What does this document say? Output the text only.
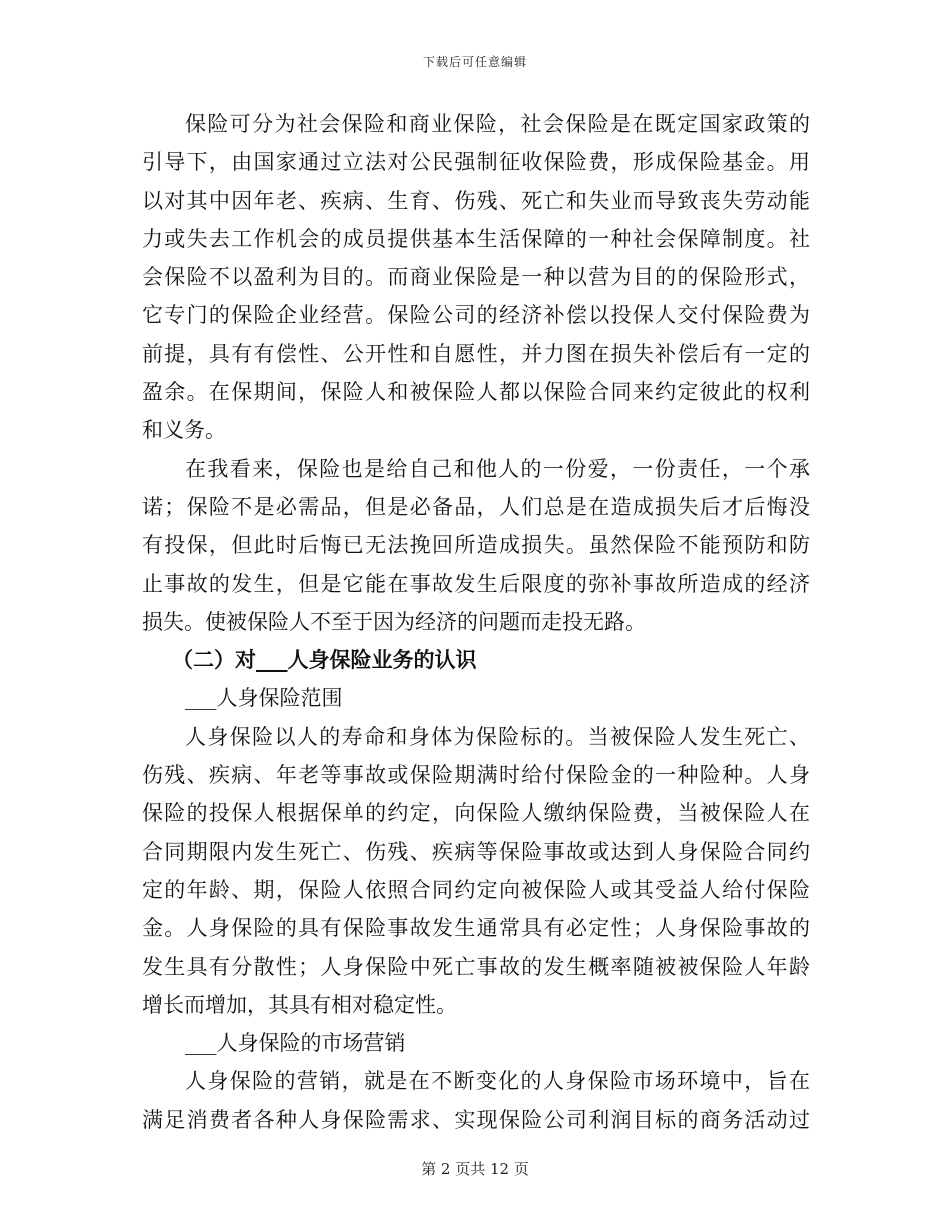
下载后可任意编辑
保险可分为社会保险和商业保险，社会保险是在既定国家政策的
引导下，由国家通过立法对公民强制征收保险费，形成保险基金。用
以对其中因年老、疾病、生育、伤残、死亡和失业而导致丧失劳动能
力或失去工作机会的成员提供基本生活保障的一种社会保障制度。社
会保险不以盈利为目的。而商业保险是一种以营为目的的保险形式，
它专门的保险企业经营。保险公司的经济补偿以投保人交付保险费为
前提，具有有偿性、公开性和自愿性，并力图在损失补偿后有一定的
盈余。在保期间，保险人和被保险人都以保险合同来约定彼此的权利
和义务。
在我看来，保险也是给自己和他人的一份爱，一份责任，一个承
诺；保险不是必需品，但是必备品，人们总是在造成损失后才后悔没
有投保，但此时后悔已无法挽回所造成损失。虽然保险不能预防和防
止事故的发生，但是它能在事故发生后限度的弥补事故所造成的经济
损失。使被保险人不至于因为经济的问题而走投无路。
（二）对___人身保险业务的认识
___人身保险范围
人身保险以人的寿命和身体为保险标的。当被保险人发生死亡、
伤残、疾病、年老等事故或保险期满时给付保险金的一种险种。人身
保险的投保人根据保单的约定，向保险人缴纳保险费，当被保险人在
合同期限内发生死亡、伤残、疾病等保险事故或达到人身保险合同约
定的年龄、期，保险人依照合同约定向被保险人或其受益人给付保险
金。人身保险的具有保险事故发生通常具有必定性；人身保险事故的
发生具有分散性；人身保险中死亡事故的发生概率随被被保险人年龄
增长而增加，其具有相对稳定性。
___人身保险的市场营销
人身保险的营销，就是在不断变化的人身保险市场环境中，旨在
满足消费者各种人身保险需求、实现保险公司利润目标的商务活动过
第 2 页共 12 页
